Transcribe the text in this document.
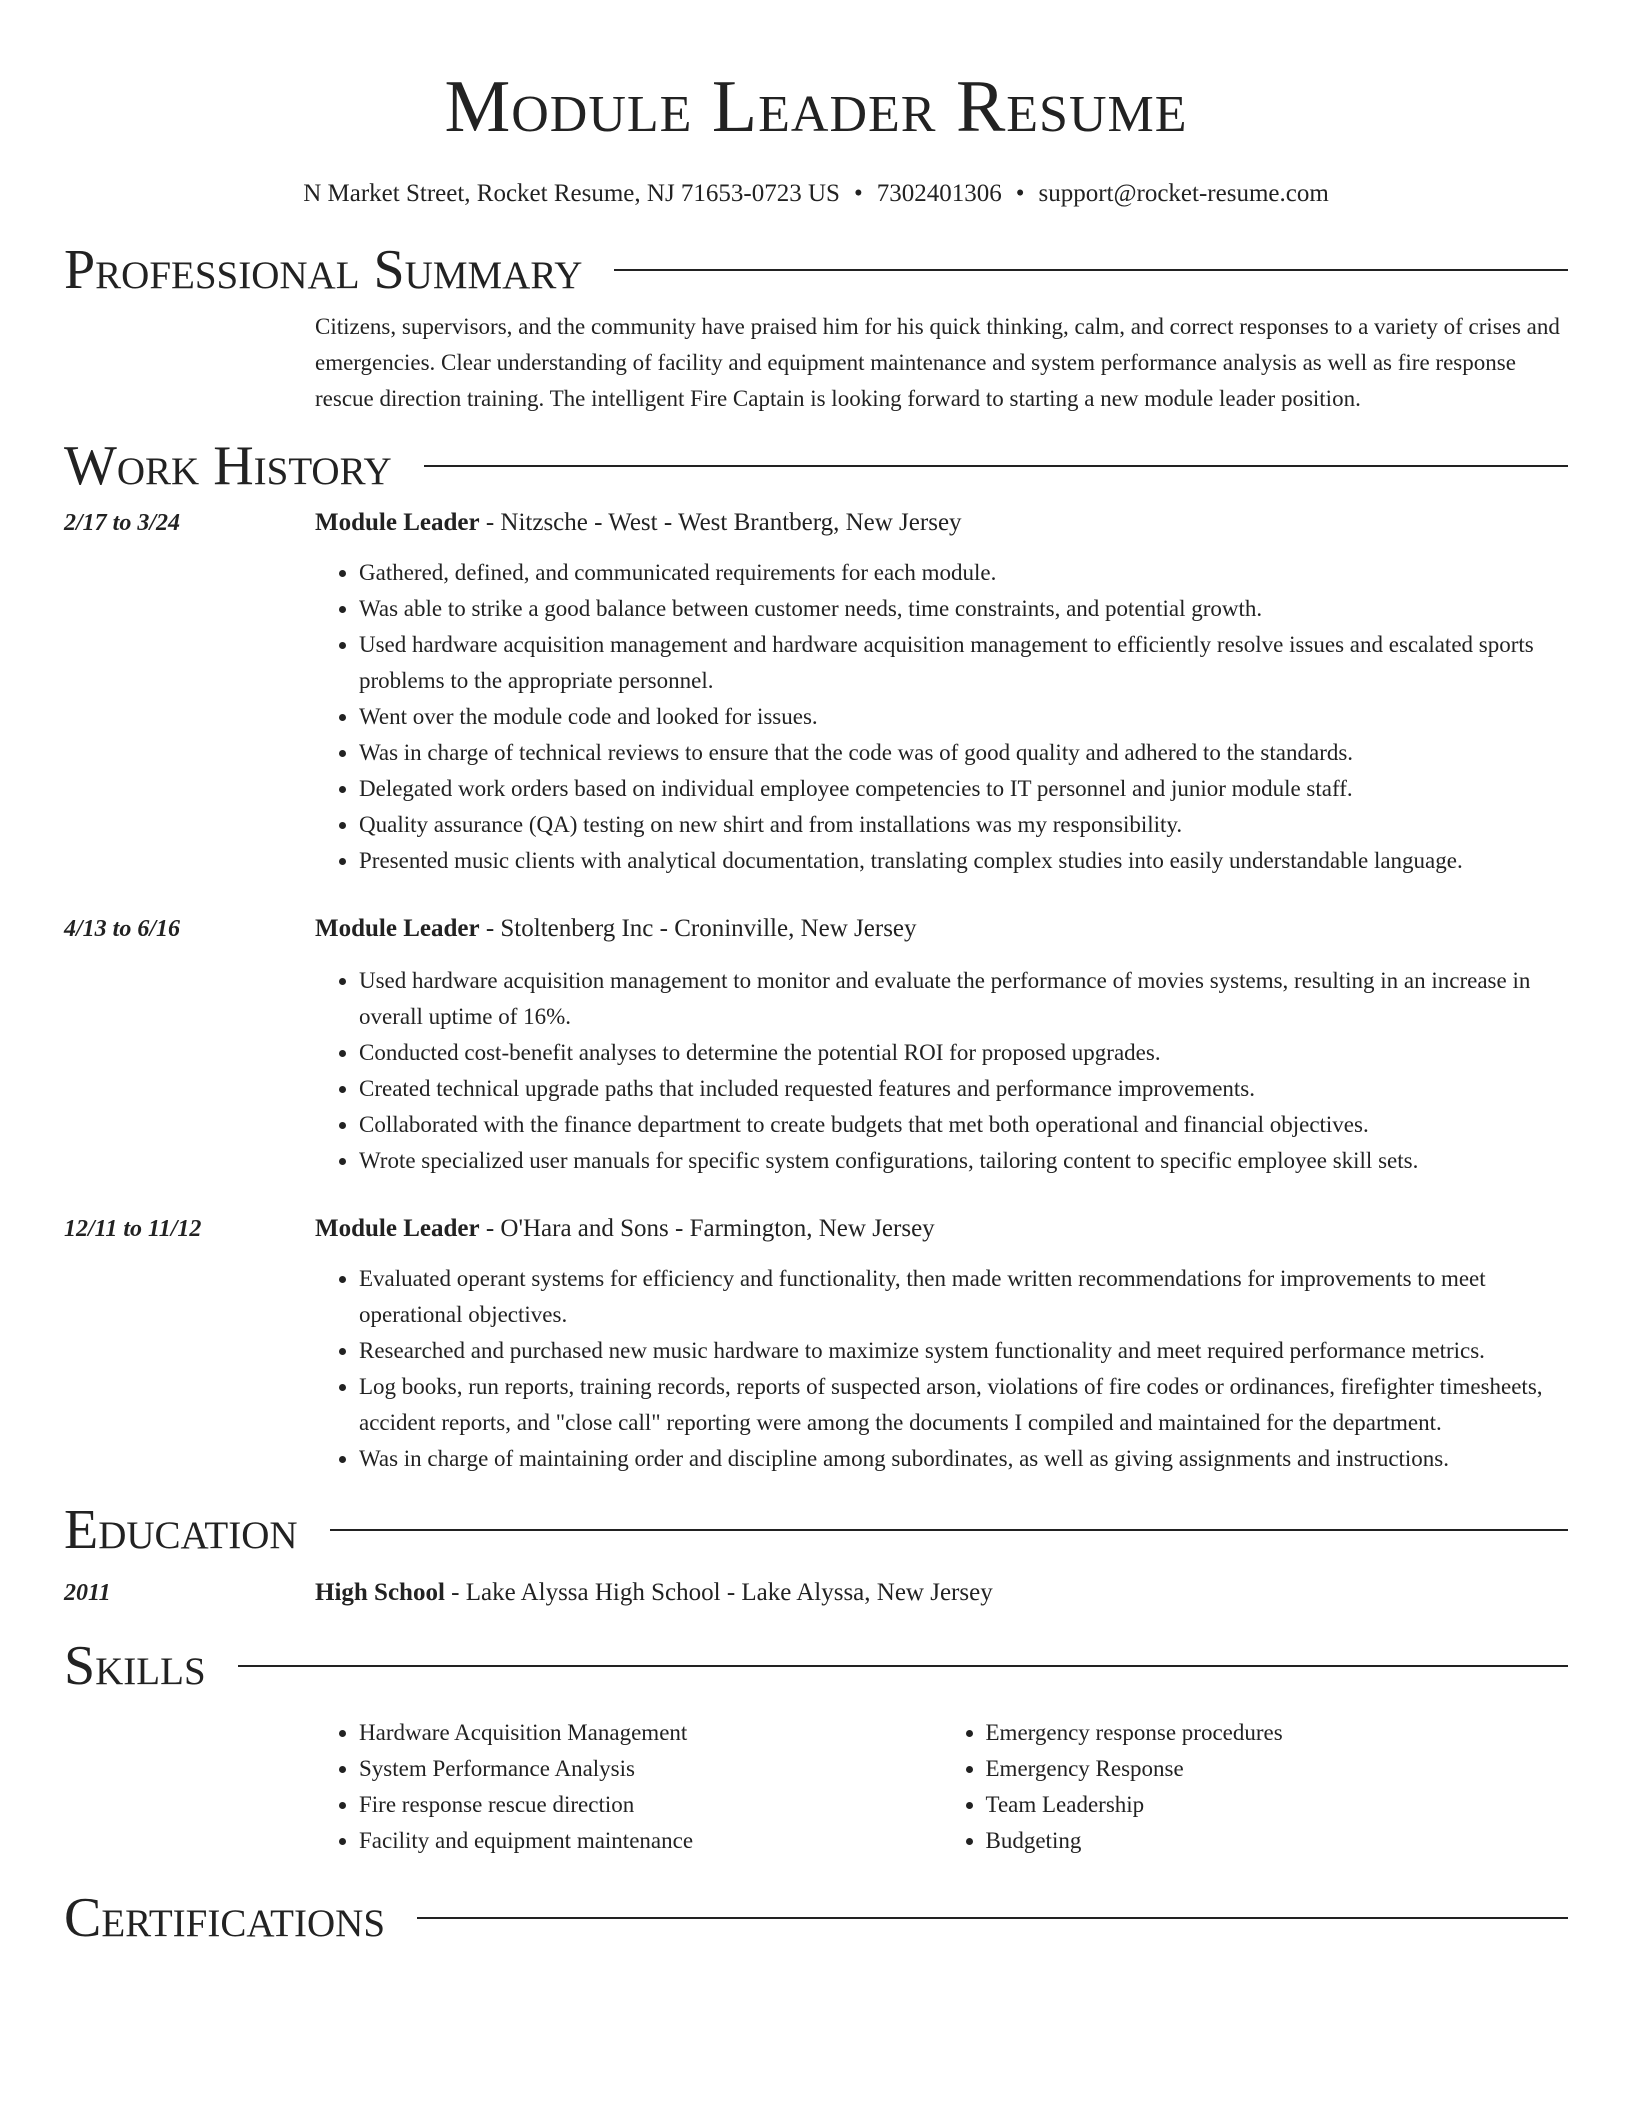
Module Leader Resume
N Market Street, Rocket Resume, NJ 71653-0723 US • 7302401306 • support@rocket-resume.com
Professional Summary
Citizens, supervisors, and the community have praised him for his quick thinking, calm, and correct responses to a variety of crises and emergencies. Clear understanding of facility and equipment maintenance and system performance analysis as well as fire response rescue direction training. The intelligent Fire Captain is looking forward to starting a new module leader position.
Work History
2/17 to 3/24	Module Leader - Nitzsche - West - West Brantberg, New Jersey
• Gathered, defined, and communicated requirements for each module.
• Was able to strike a good balance between customer needs, time constraints, and potential growth.
• Used hardware acquisition management and hardware acquisition management to efficiently resolve issues and escalated sports problems to the appropriate personnel.
• Went over the module code and looked for issues.
• Was in charge of technical reviews to ensure that the code was of good quality and adhered to the standards.
• Delegated work orders based on individual employee competencies to IT personnel and junior module staff.
• Quality assurance (QA) testing on new shirt and from installations was my responsibility.
• Presented music clients with analytical documentation, translating complex studies into easily understandable language.
4/13 to 6/16	Module Leader - Stoltenberg Inc - Croninville, New Jersey
• Used hardware acquisition management to monitor and evaluate the performance of movies systems, resulting in an increase in overall uptime of 16%.
• Conducted cost-benefit analyses to determine the potential ROI for proposed upgrades.
• Created technical upgrade paths that included requested features and performance improvements.
• Collaborated with the finance department to create budgets that met both operational and financial objectives.
• Wrote specialized user manuals for specific system configurations, tailoring content to specific employee skill sets.
12/11 to 11/12	Module Leader - O'Hara and Sons - Farmington, New Jersey
• Evaluated operant systems for efficiency and functionality, then made written recommendations for improvements to meet operational objectives.
• Researched and purchased new music hardware to maximize system functionality and meet required performance metrics.
• Log books, run reports, training records, reports of suspected arson, violations of fire codes or ordinances, firefighter timesheets, accident reports, and "close call" reporting were among the documents I compiled and maintained for the department.
• Was in charge of maintaining order and discipline among subordinates, as well as giving assignments and instructions.
Education
2011	High School - Lake Alyssa High School - Lake Alyssa, New Jersey
Skills
• Hardware Acquisition Management
• System Performance Analysis
• Fire response rescue direction
• Facility and equipment maintenance
• Emergency response procedures
• Emergency Response
• Team Leadership
• Budgeting
Certifications
